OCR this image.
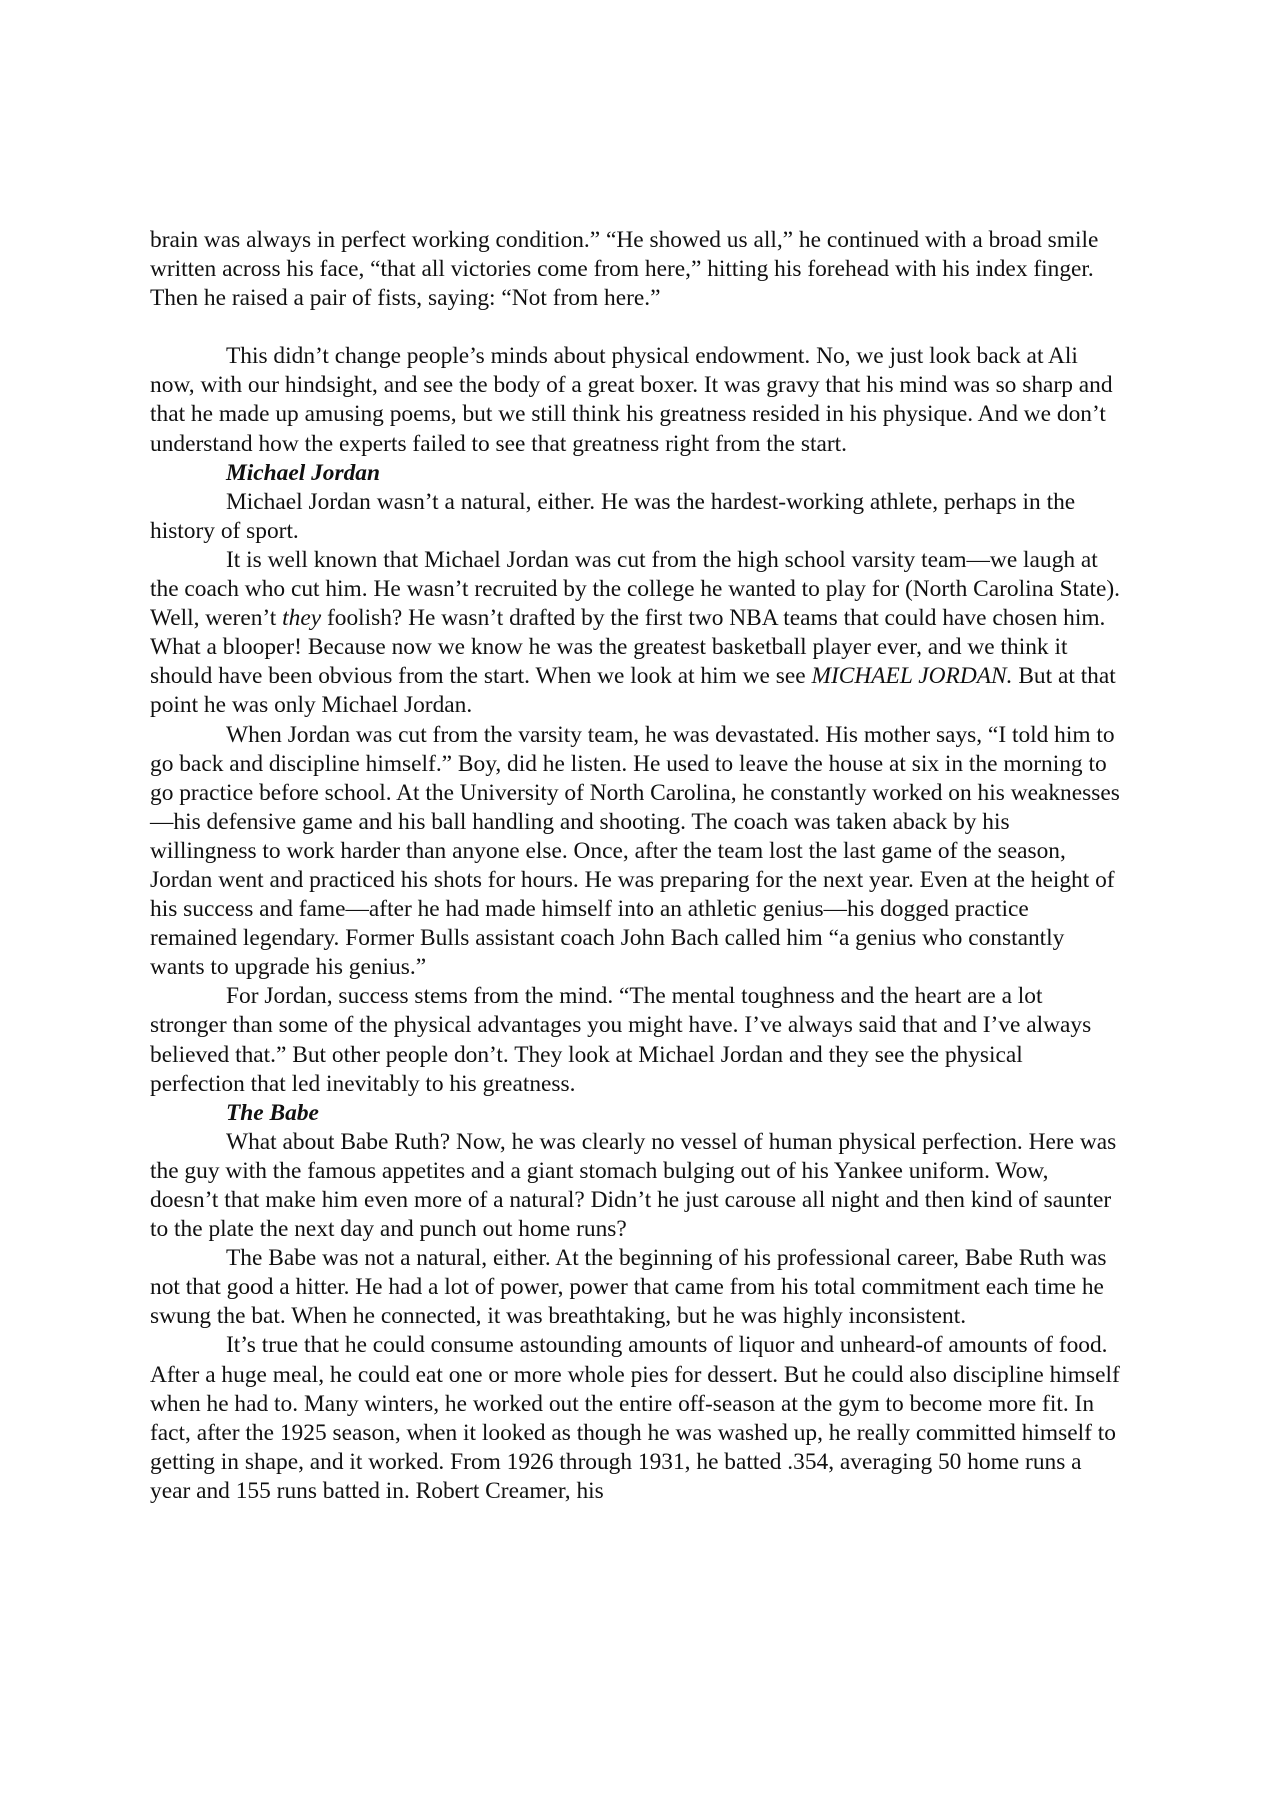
brain was always in perfect working condition.” “He showed us all,” he continued with a broad smile written across his face, “that all victories come from here,” hitting his forehead with his index finger. Then he raised a pair of fists, saying: “Not from here.”

This didn’t change people’s minds about physical endowment. No, we just look back at Ali now, with our hindsight, and see the body of a great boxer. It was gravy that his mind was so sharp and that he made up amusing poems, but we still think his greatness resided in his physique. And we don’t understand how the experts failed to see that greatness right from the start.

Michael Jordan

Michael Jordan wasn’t a natural, either. He was the hardest-working athlete, perhaps in the history of sport.

It is well known that Michael Jordan was cut from the high school varsity team—we laugh at the coach who cut him. He wasn’t recruited by the college he wanted to play for (North Carolina State). Well, weren’t they foolish? He wasn’t drafted by the first two NBA teams that could have chosen him. What a blooper! Because now we know he was the greatest basketball player ever, and we think it should have been obvious from the start. When we look at him we see MICHAEL JORDAN. But at that point he was only Michael Jordan.

When Jordan was cut from the varsity team, he was devastated. His mother says, “I told him to go back and discipline himself.” Boy, did he listen. He used to leave the house at six in the morning to go practice before school. At the University of North Carolina, he constantly worked on his weaknesses—his defensive game and his ball handling and shooting. The coach was taken aback by his willingness to work harder than anyone else. Once, after the team lost the last game of the season, Jordan went and practiced his shots for hours. He was preparing for the next year. Even at the height of his success and fame—after he had made himself into an athletic genius—his dogged practice remained legendary. Former Bulls assistant coach John Bach called him “a genius who constantly wants to upgrade his genius.”

For Jordan, success stems from the mind. “The mental toughness and the heart are a lot stronger than some of the physical advantages you might have. I’ve always said that and I’ve always believed that.” But other people don’t. They look at Michael Jordan and they see the physical perfection that led inevitably to his greatness.

The Babe

What about Babe Ruth? Now, he was clearly no vessel of human physical perfection. Here was the guy with the famous appetites and a giant stomach bulging out of his Yankee uniform. Wow, doesn’t that make him even more of a natural? Didn’t he just carouse all night and then kind of saunter to the plate the next day and punch out home runs?

The Babe was not a natural, either. At the beginning of his professional career, Babe Ruth was not that good a hitter. He had a lot of power, power that came from his total commitment each time he swung the bat. When he connected, it was breathtaking, but he was highly inconsistent.

It’s true that he could consume astounding amounts of liquor and unheard-of amounts of food. After a huge meal, he could eat one or more whole pies for dessert. But he could also discipline himself when he had to. Many winters, he worked out the entire off-season at the gym to become more fit. In fact, after the 1925 season, when it looked as though he was washed up, he really committed himself to getting in shape, and it worked. From 1926 through 1931, he batted .354, averaging 50 home runs a year and 155 runs batted in. Robert Creamer, his
